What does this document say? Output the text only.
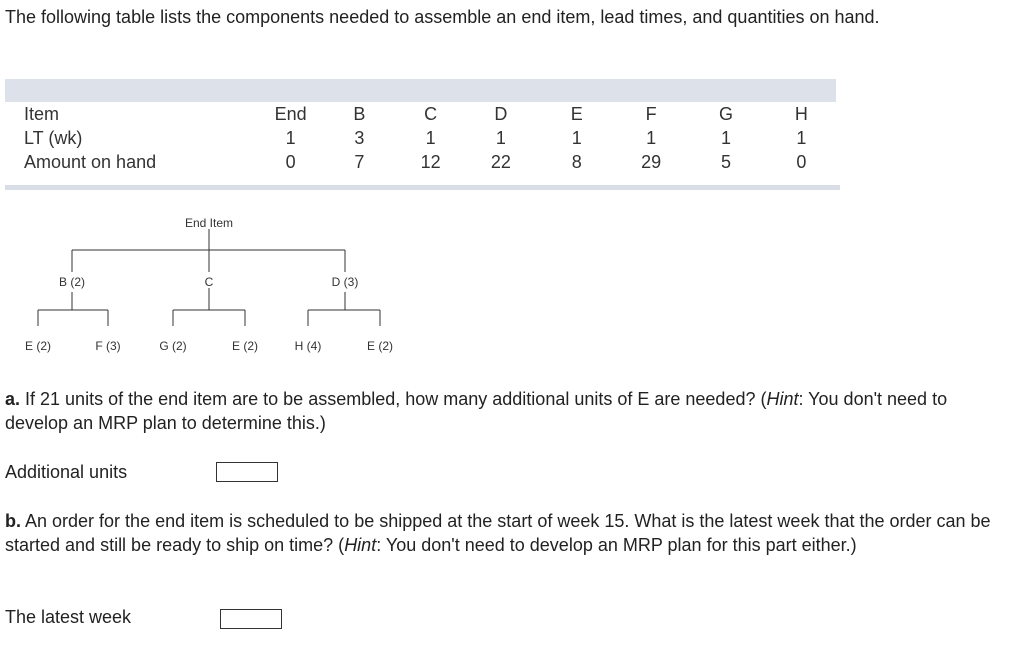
The following table lists the components needed to assemble an end item, lead times, and quantities on hand.

Item	End	B	C	D	E	F	G	H
LT (wk)	1	3	1	1	1	1	1	1
Amount on hand	0	7	12	22	8	29	5	0
End Item
B (2)	C	D (3)
E (2)	F (3)	G (2)	E (2)	H (4)	E (2)

a. If 21 units of the end item are to be assembled, how many additional units of E are needed? (Hint: You don't need to develop an MRP plan to determine this.)

Additional units

b. An order for the end item is scheduled to be shipped at the start of week 15. What is the latest week that the order can be started and still be ready to ship on time? (Hint: You don't need to develop an MRP plan for this part either.)

The latest week
